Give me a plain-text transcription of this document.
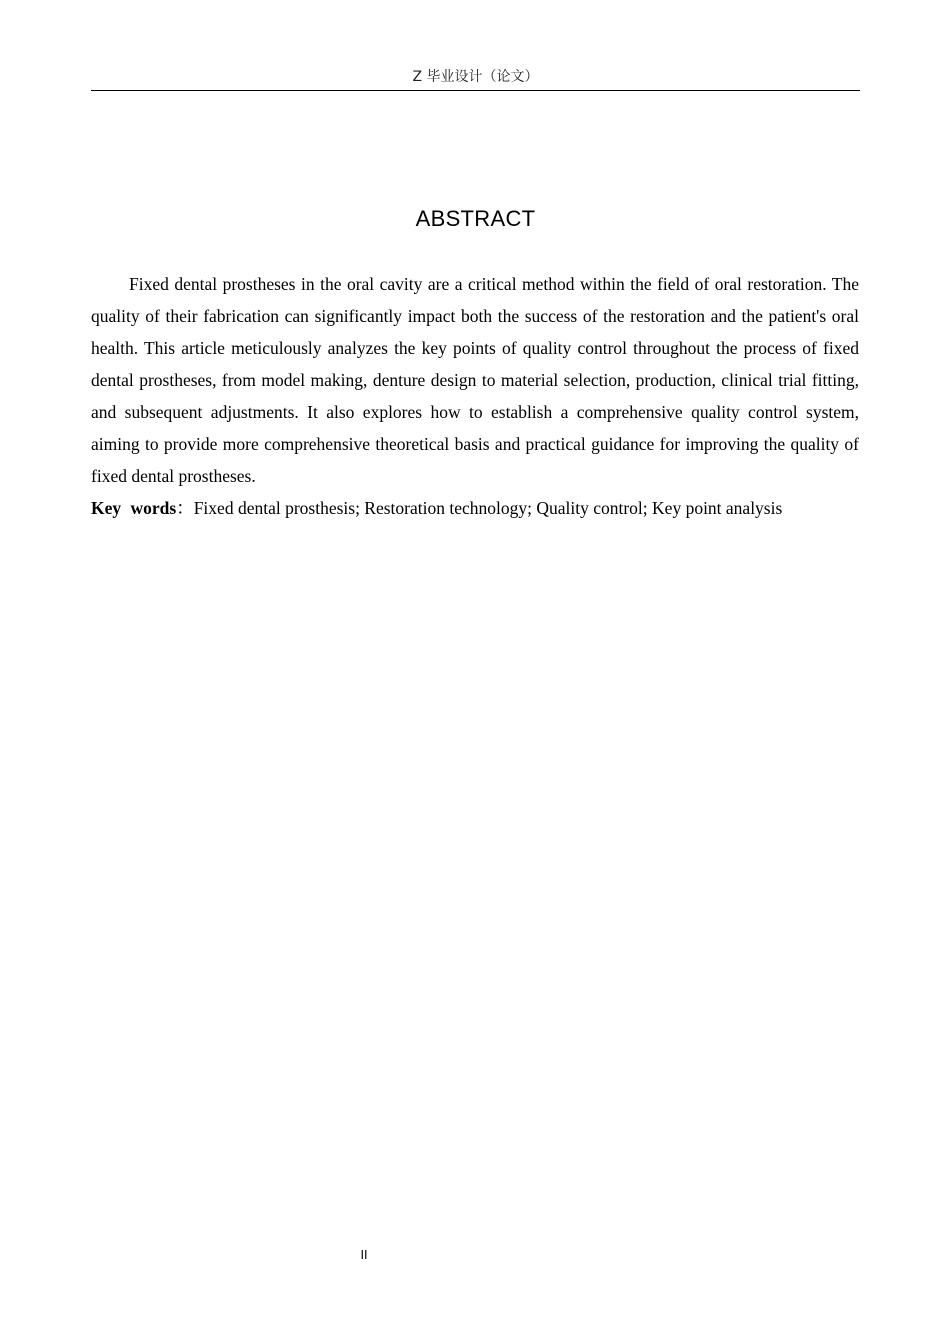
Z 毕业设计（论文）
ABSTRACT

Fixed dental prostheses in the oral cavity are a critical method within the field of oral restoration. The quality of their fabrication can significantly impact both the success of the restoration and the patient's oral health. This article meticulously analyzes the key points of quality control throughout the process of fixed dental prostheses, from model making, denture design to material selection, production, clinical trial fitting, and subsequent adjustments. It also explores how to establish a comprehensive quality control system, aiming to provide more comprehensive theoretical basis and practical guidance for improving the quality of fixed dental prostheses.

Key words：Fixed dental prosthesis; Restoration technology; Quality control; Key point analysis

II
